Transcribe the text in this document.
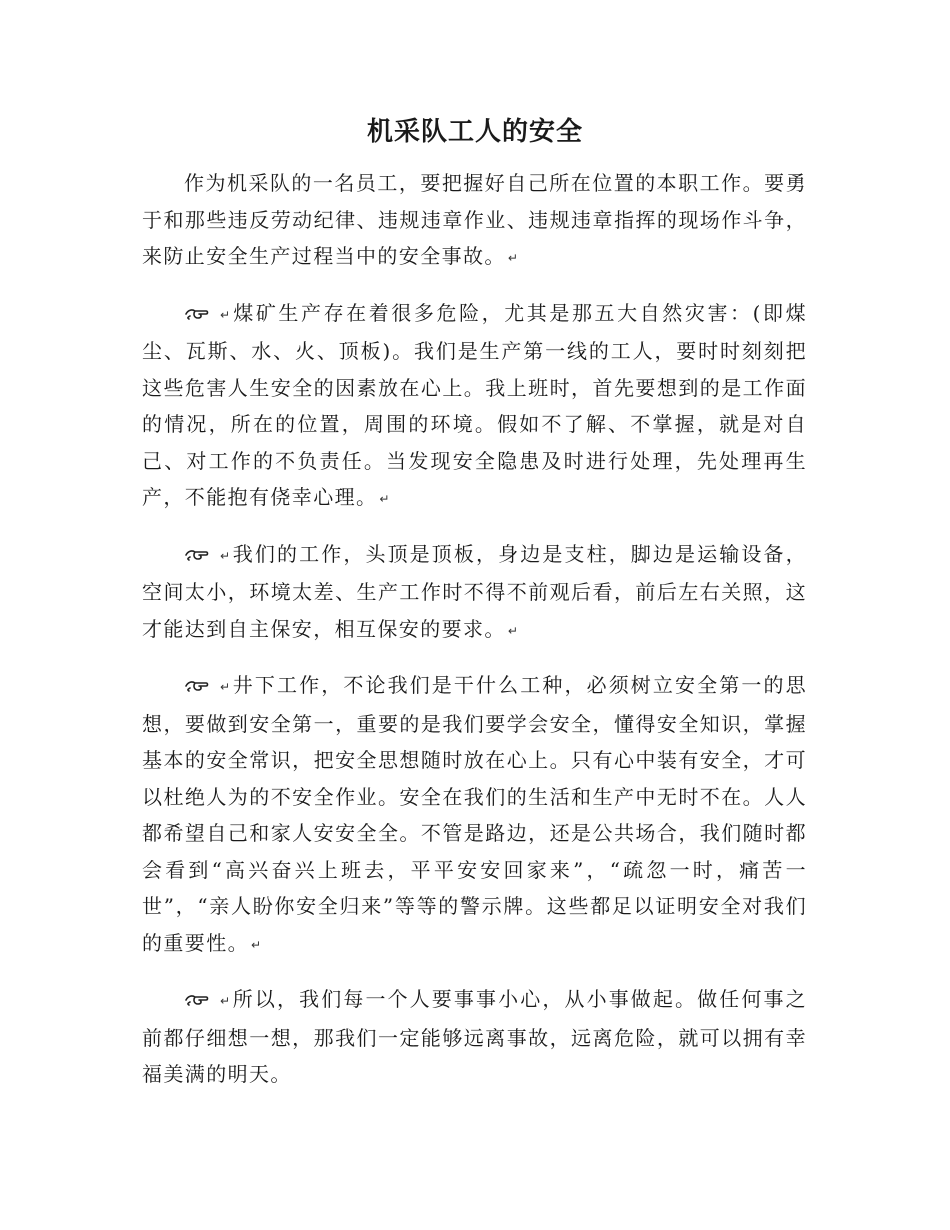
机采队工人的安全

作为机采队的一名员工，要把握好自己所在位置的本职工作。要勇于和那些违反劳动纪律、违规违章作业、违规违章指挥的现场作斗争，来防止安全生产过程当中的安全事故。 ↵

↵ 煤矿生产存在着很多危险，尤其是那五大自然灾害：(即煤尘、瓦斯、水、火、顶板)。我们是生产第一线的工人，要时时刻刻把这些危害人生安全的因素放在心上。我上班时，首先要想到的是工作面的情况，所在的位置，周围的环境。假如不了解、不掌握，就是对自己、对工作的不负责任。当发现安全隐患及时进行处理，先处理再生产，不能抱有侥幸心理。 ↵

↵ 我们的工作，头顶是顶板，身边是支柱，脚边是运输设备，空间太小，环境太差、生产工作时不得不前观后看，前后左右关照，这才能达到自主保安，相互保安的要求。 ↵

↵ 井下工作，不论我们是干什么工种，必须树立安全第一的思想，要做到安全第一，重要的是我们要学会安全，懂得安全知识，掌握基本的安全常识，把安全思想随时放在心上。只有心中装有安全，才可以杜绝人为的不安全作业。安全在我们的生活和生产中无时不在。人人都希望自己和家人安安全全。不管是路边，还是公共场合，我们随时都会看到“高兴奋兴上班去，平平安安回家来”，“疏忽一时，痛苦一世”，“亲人盼你安全归来”等等的警示牌。这些都足以证明安全对我们的重要性。 ↵

↵ 所以，我们每一个人要事事小心，从小事做起。做任何事之前都仔细想一想，那我们一定能够远离事故，远离危险，就可以拥有幸福美满的明天。
